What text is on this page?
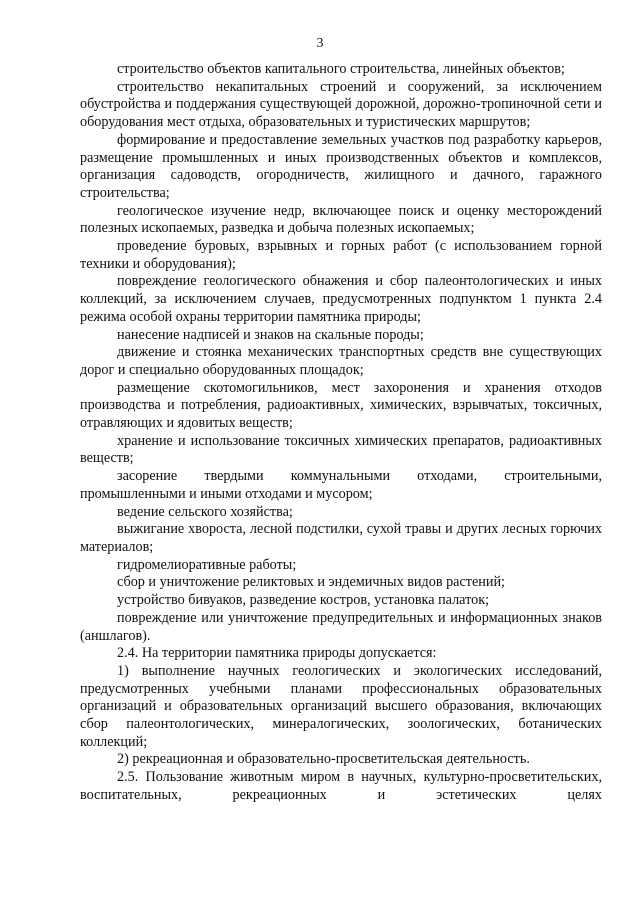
3

строительство объектов капитального строительства, линейных объектов;

строительство некапитальных строений и сооружений, за исключением обустройства и поддержания существующей дорожной, дорожно-тропиночной сети и оборудования мест отдыха, образовательных и туристических маршрутов;

формирование и предоставление земельных участков под разработку карьеров, размещение промышленных и иных производственных объектов и комплексов, организация садоводств, огородничеств, жилищного и дачного, гаражного строительства;

геологическое изучение недр, включающее поиск и оценку месторождений полезных ископаемых, разведка и добыча полезных ископаемых;

проведение буровых, взрывных и горных работ (с использованием горной техники и оборудования);

повреждение геологического обнажения и сбор палеонтологических и иных коллекций, за исключением случаев, предусмотренных подпунктом 1 пункта 2.4 режима особой охраны территории памятника природы;

нанесение надписей и знаков на скальные породы;

движение и стоянка механических транспортных средств вне существующих дорог и специально оборудованных площадок;

размещение скотомогильников, мест захоронения и хранения отходов производства и потребления, радиоактивных, химических, взрывчатых, токсичных, отравляющих и ядовитых веществ;

хранение и использование токсичных химических препаратов, радиоактивных веществ;

засорение твердыми коммунальными отходами, строительными, промышленными и иными отходами и мусором;

ведение сельского хозяйства;

выжигание хвороста, лесной подстилки, сухой травы и других лесных горючих материалов;

гидромелиоративные работы;

сбор и уничтожение реликтовых и эндемичных видов растений;

устройство бивуаков, разведение костров, установка палаток;

повреждение или уничтожение предупредительных и информационных знаков (аншлагов).

2.4. На территории памятника природы допускается:

1) выполнение научных геологических и экологических исследований, предусмотренных учебными планами профессиональных образовательных организаций и образовательных организаций высшего образования, включающих сбор палеонтологических, минералогических, зоологических, ботанических коллекций;

2) рекреационная и образовательно-просветительская деятельность.

2.5. Пользование животным миром в научных, культурно-просветительских, воспитательных, рекреационных и эстетических целях
